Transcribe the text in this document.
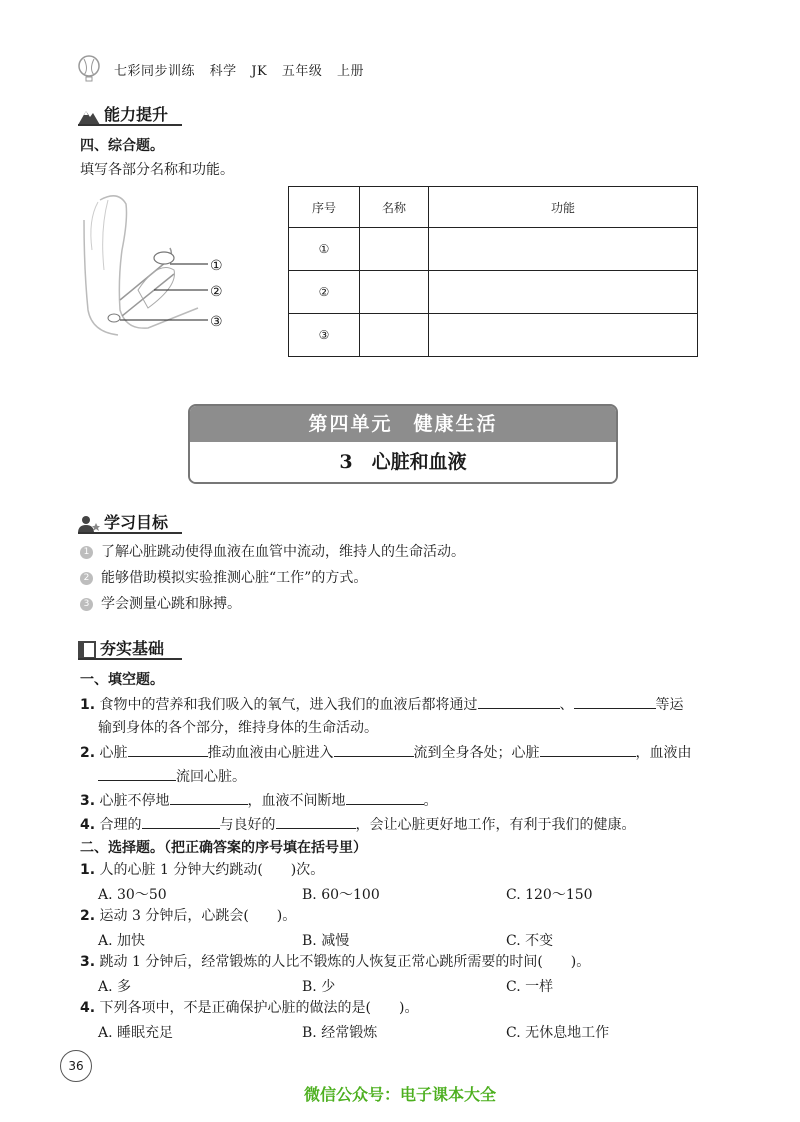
七彩同步训练 科学 JK 五年级 上册
能力提升
四、综合题。
填写各部分名称和功能。
①
②
③
序号	名称	功能
①		
②		
③		
第四单元　健康生活
3　心脏和血液
学习目标
1 了解心脏跳动使得血液在血管中流动，维持人的生命活动。
2 能够借助模拟实验推测心脏“工作”的方式。
3 学会测量心跳和脉搏。
夯实基础
一、填空题。
1. 食物中的营养和我们吸入的氧气，进入我们的血液后都将通过	、	等运
输到身体的各个部分，维持身体的生命活动。
2. 心脏	推动血液由心脏进入	流到全身各处；心脏	，血液由
流回心脏。
3. 心脏不停地	，血液不间断地	。
4. 合理的	与良好的	，会让心脏更好地工作，有利于我们的健康。
二、选择题。（把正确答案的序号填在括号里）
1. 人的心脏 1 分钟大约跳动(　　)次。
A. 30～50	B. 60～100	C. 120～150
2. 运动 3 分钟后，心跳会(　　)。
A. 加快	B. 减慢	C. 不变
3. 跳动 1 分钟后，经常锻炼的人比不锻炼的人恢复正常心跳所需要的时间(　　)。
A. 多	B. 少	C. 一样
4. 下列各项中，不是正确保护心脏的做法的是(　　)。
A. 睡眠充足	B. 经常锻炼	C. 无休息地工作
36
微信公众号：电子课本大全
